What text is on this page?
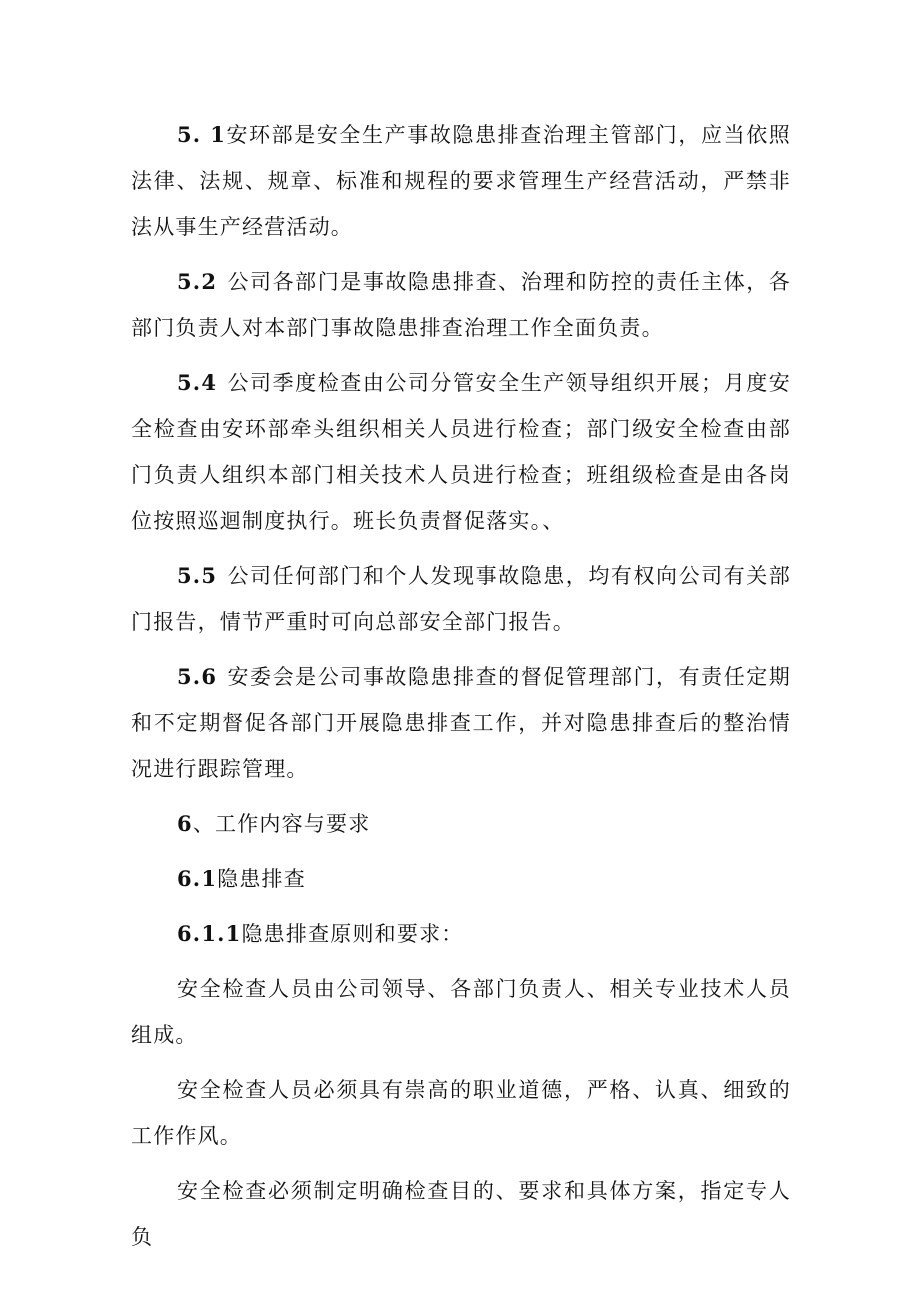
5. 1安环部是安全生产事故隐患排查治理主管部门，应当依照法律、法规、规章、标准和规程的要求管理生产经营活动，严禁非法从事生产经营活动。

5.2 公司各部门是事故隐患排查、治理和防控的责任主体，各部门负责人对本部门事故隐患排查治理工作全面负责。

5.4 公司季度检查由公司分管安全生产领导组织开展；月度安全检查由安环部牵头组织相关人员进行检查；部门级安全检查由部门负责人组织本部门相关技术人员进行检查；班组级检查是由各岗位按照巡迴制度执行。班长负责督促落实。、

5.5 公司任何部门和个人发现事故隐患，均有权向公司有关部门报告，情节严重时可向总部安全部门报告。

5.6 安委会是公司事故隐患排查的督促管理部门，有责任定期和不定期督促各部门开展隐患排查工作，并对隐患排查后的整治情况进行跟踪管理。

6、工作内容与要求

6.1隐患排查

6.1.1隐患排查原则和要求：

安全检查人员由公司领导、各部门负责人、相关专业技术人员组成。

安全检查人员必须具有崇高的职业道德，严格、认真、细致的工作作风。

安全检查必须制定明确检查目的、要求和具体方案，指定专人负
